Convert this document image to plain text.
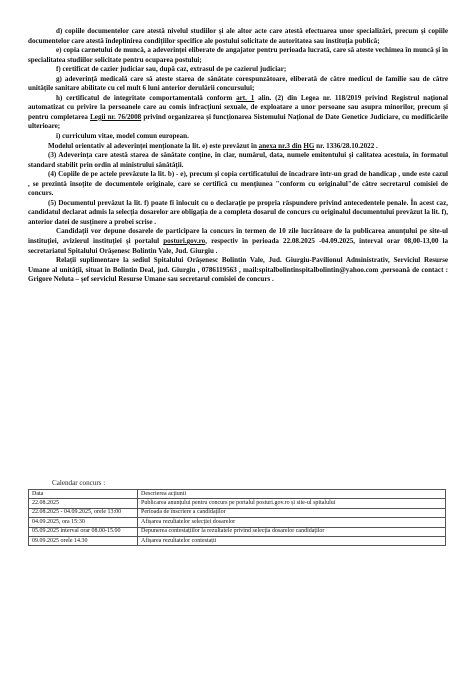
d) copiile documentelor care atestă nivelul studiilor și ale altor acte care atestă efectuarea unor specializări, precum și copiile documentelor care atestă îndeplinirea condițiilor specifice ale postului solicitate de autoritatea sau instituția publică;

e) copia carnetului de muncă, a adeverinței eliberate de angajator pentru perioada lucrată, care să ateste vechimea în muncă și în specialitatea studiilor solicitate pentru ocuparea postului;

f) certificat de cazier judiciar sau, după caz, extrasul de pe cazierul judiciar;

g) adeverință medicală care să ateste starea de sănătate corespunzătoare, eliberată de către medicul de familie sau de către unitățile sanitare abilitate cu cel mult 6 luni anterior derulării concursului;

h) certificatul de integritate comportamentală conform art. 1 alin. (2) din Legea nr. 118/2019 privind Registrul național automatizat cu privire la persoanele care au comis infracțiuni sexuale, de exploatare a unor persoane sau asupra minorilor, precum și pentru completarea Legii nr. 76/2008 privind organizarea și funcționarea Sistemului Național de Date Genetice Judiciare, cu modificările ulterioare;

i) curriculum vitae, model comun european.

Modelul orientativ al adeverinței menționate la lit. e) este prevăzut în anexa nr.3 din HG nr. 1336/28.10.2022 .

(3) Adeverința care atestă starea de sănătate conține, în clar, numărul, data, numele emitentului și calitatea acestuia, în formatul standard stabilit prin ordin al ministrului sănătății.

(4) Copiile de pe actele prevăzute la lit. b) - e), precum și copia certificatului de încadrare într-un grad de handicap , unde este cazul , se prezintă însoțite de documentele originale, care se certifică cu mențiunea "conform cu originalul"de către secretarul comisiei de concurs.

(5) Documentul prevăzut la lit. f) poate fi înlocuit cu o declarație pe propria răspundere privind antecedentele penale. În acest caz, candidatul declarat admis la selecția dosarelor are obligația de a completa dosarul de concurs cu originalul documentului prevăzut la lit. f), anterior datei de susținere a probei scrise .

Candidații vor depune dosarele de participare la concurs în termen de 10 zile lucrătoare de la publicarea anunțului pe site-ul instituției, avizierul instituției și portalul posturi.gov.ro, respectiv în perioada 22.08.2025 -04.09.2025, interval orar 08,00-13,00 la secretariatul Spitalului Orășenesc Bolintin Vale, Jud. Giurgiu .

Relații suplimentare la sediul Spitalului Orășenesc Bolintin Vale, Jud. Giurgiu-Pavilionul Administrativ, Serviciul Resurse Umane al unității, situat în Bolintin Deal, jud. Giurgiu , 0786119563 , mail:spitalbolintinspitalbolintin@yahoo.com ,persoană de contact : Grigore Neluta – șef serviciul Resurse Umane sau secretarul comisiei de concurs .

Calendar concurs :
Data	Descrierea acțiunii
22.08.2025	Publicarea anunțului pentru concurs pe portalul posturi.gov.ro și site-ul spitalului
22.08.2025 - 04.09.2025, orele 13:00	Perioada de înscriere a candidaților
04.09.2025, ora 15:30	Afișarea rezultatelor selecției dosarelor
05.09.2025 interval orar 08.00-15.00	Depunerea contestațiilor la rezultatele privind selecția dosarelor candidaților
09.09.2025 orele 14.30	Afișarea rezultatelor contestații
